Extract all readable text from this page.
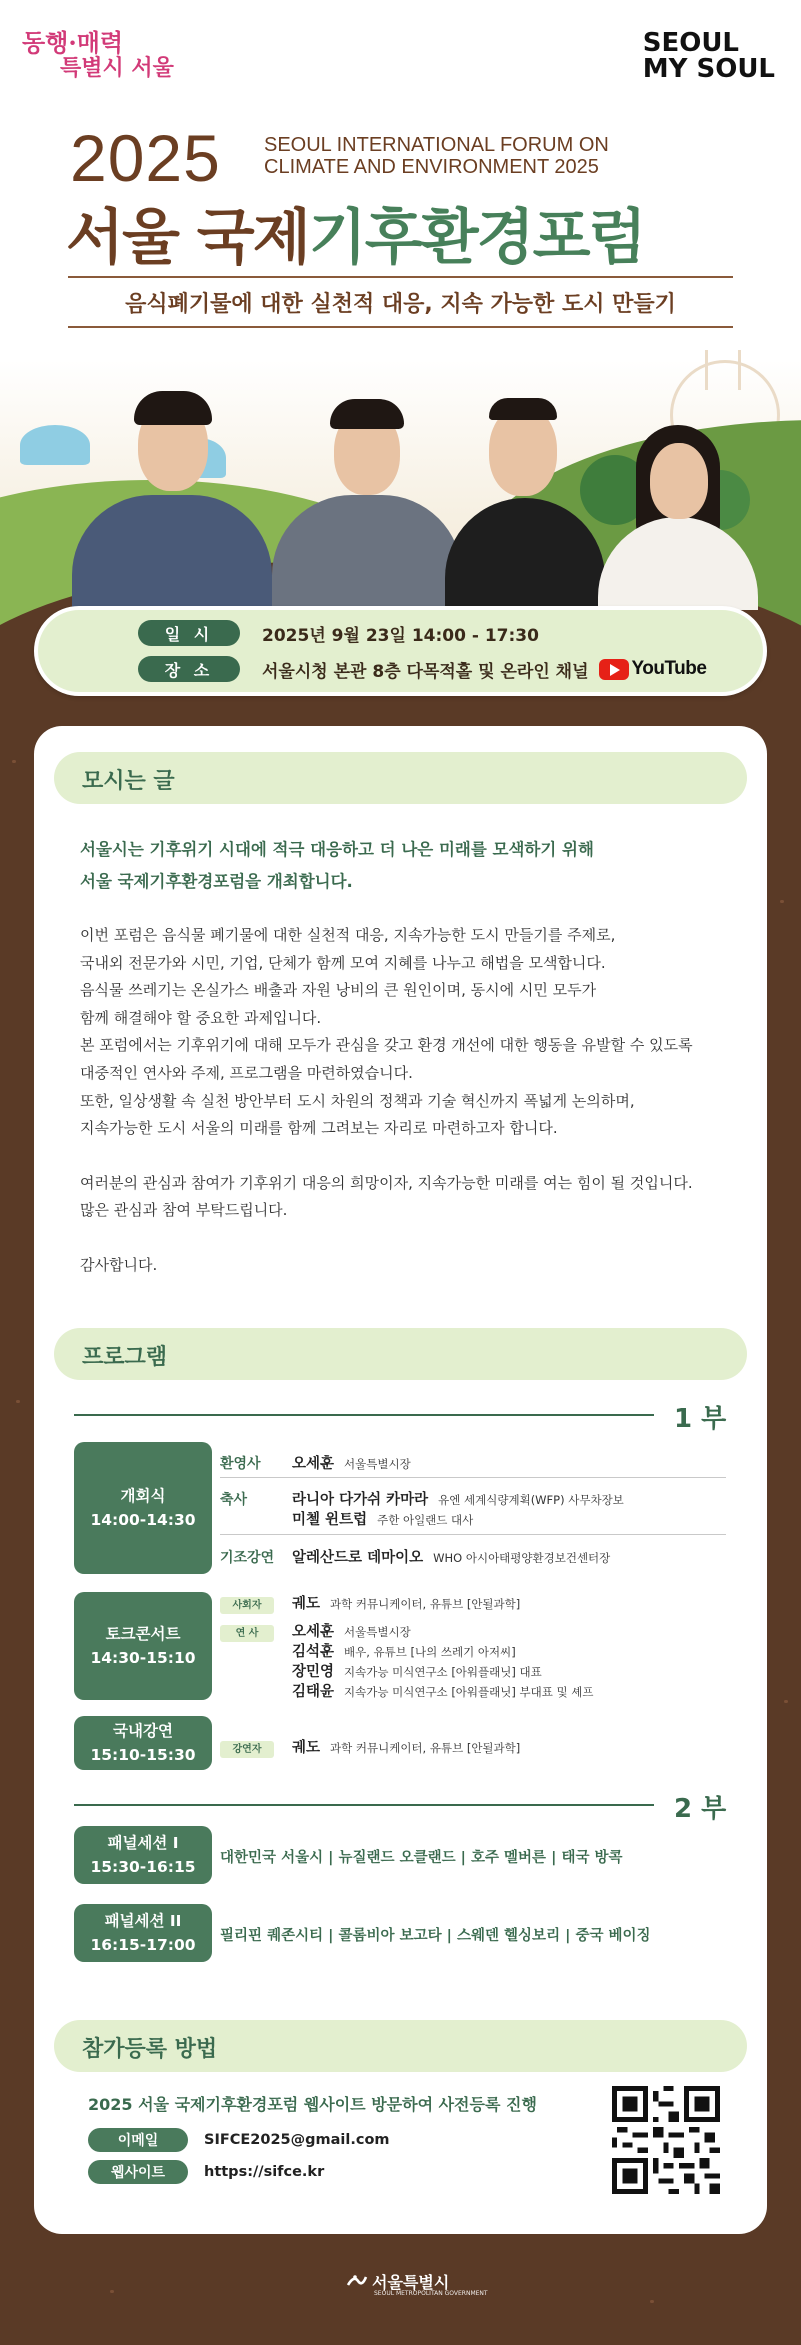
동행·매력
특별시 서울
SEOUL
MY SOUL
2025 SEOUL INTERNATIONAL FORUM ON
CLIMATE AND ENVIRONMENT 2025
서울 국제기후환경포럼
음식폐기물에 대한 실천적 대응, 지속 가능한 도시 만들기
일 시	2025년 9월 23일 14:00 - 17:30
장 소	서울시청 본관 8층 다목적홀 및 온라인 채널 YouTube
모시는 글
서울시는 기후위기 시대에 적극 대응하고 더 나은 미래를 모색하기 위해
서울 국제기후환경포럼을 개최합니다.

이번 포럼은 음식물 폐기물에 대한 실천적 대응, 지속가능한 도시 만들기를 주제로,

국내외 전문가와 시민, 기업, 단체가 함께 모여 지혜를 나누고 해법을 모색합니다.

음식물 쓰레기는 온실가스 배출과 자원 낭비의 큰 원인이며, 동시에 시민 모두가

함께 해결해야 할 중요한 과제입니다.

본 포럼에서는 기후위기에 대해 모두가 관심을 갖고 환경 개선에 대한 행동을 유발할 수 있도록

대중적인 연사와 주제, 프로그램을 마련하였습니다.

또한, 일상생활 속 실천 방안부터 도시 차원의 정책과 기술 혁신까지 폭넓게 논의하며,

지속가능한 도시 서울의 미래를 함께 그려보는 자리로 마련하고자 합니다.

여러분의 관심과 참여가 기후위기 대응의 희망이자, 지속가능한 미래를 여는 힘이 될 것입니다.

많은 관심과 참여 부탁드립니다.

감사합니다.

프로그램
1 부
개회식
14:00-14:30
환영사	오세훈 서울특별시장
축사	라니아 다가쉬 카마라 유엔 세계식량계획(WFP) 사무차장보
미첼 윈트럽 주한 아일랜드 대사
기조강연	알레산드로 데마이오 WHO 아시아태평양환경보건센터장
토크콘서트
14:30-15:10
사회자	궤도 과학 커뮤니케이터, 유튜브 [안될과학]
연 사	오세훈 서울특별시장
김석훈 배우, 유튜브 [나의 쓰레기 아저씨]
장민영 지속가능 미식연구소 [아워플래닛] 대표
김태윤 지속가능 미식연구소 [아워플래닛] 부대표 및 셰프
국내강연
15:10-15:30	강연자	궤도 과학 커뮤니케이터, 유튜브 [안될과학]
2 부
패널세션 I
15:30-16:15 대한민국 서울시 | 뉴질랜드 오클랜드 | 호주 멜버른 | 태국 방콕
패널세션 II
16:15-17:00 필리핀 퀘존시티 | 콜롬비아 보고타 | 스웨덴 헬싱보리 | 중국 베이징
참가등록 방법
2025 서울 국제기후환경포럼 웹사이트 방문하여 사전등록 진행
이메일	SIFCE2025@gmail.com
웹사이트	https://sifce.kr
서울특별시
SEOUL METROPOLITAN GOVERNMENT
